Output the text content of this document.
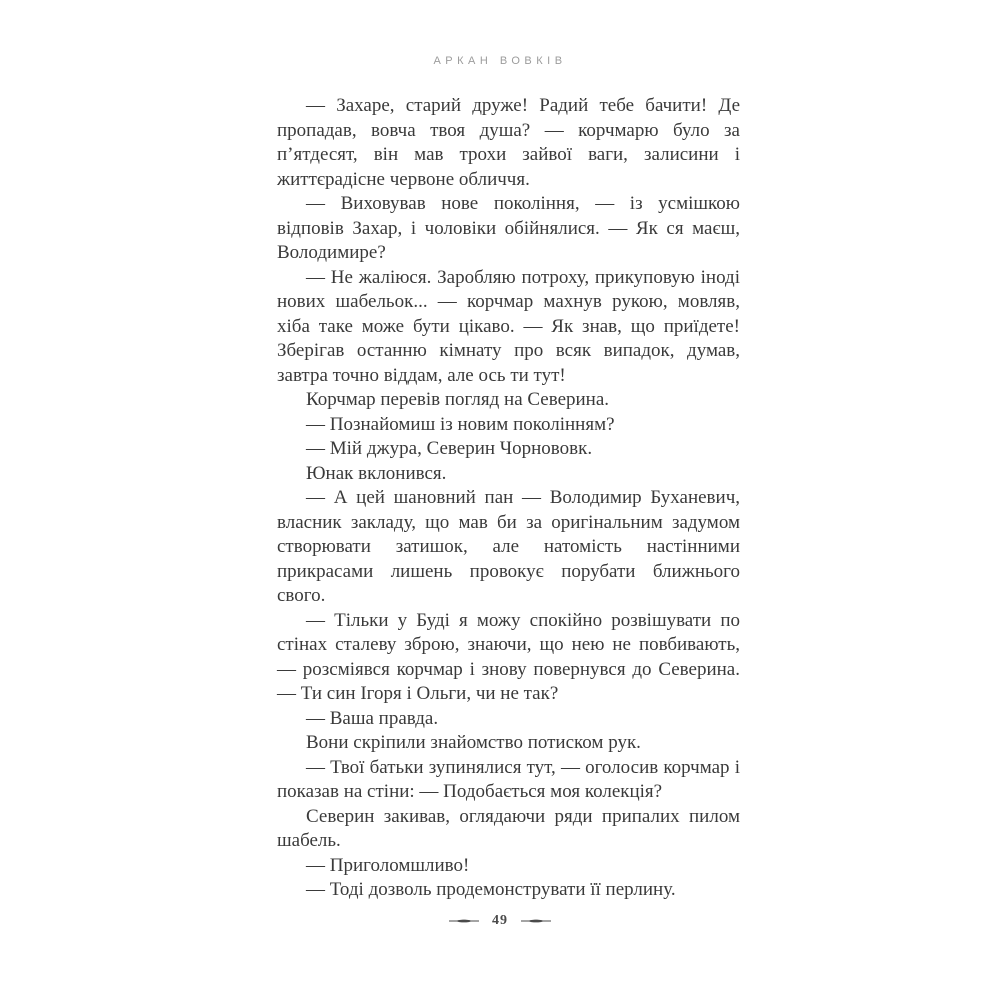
АРКАН ВОВКІВ

— Захаре, старий друже! Радий тебе бачити! Де пропадав, вовча твоя душа? — корчмарю було за п’ятдесят, він мав трохи зайвої ваги, залисини і життєрадісне червоне обличчя.

— Виховував нове покоління, — із усмішкою відповів Захар, і чоловіки обійнялися. — Як ся маєш, Володимире?

— Не жаліюся. Заробляю потроху, прикуповую іноді нових шабельок... — корчмар махнув рукою, мовляв, хіба таке може бути цікаво. — Як знав, що приїдете! Зберігав останню кімнату про всяк випадок, думав, завтра точно віддам, але ось ти тут!

Корчмар перевів погляд на Северина.

— Познайомиш із новим поколінням?

— Мій джура, Северин Чорнововк.

Юнак вклонився.

— А цей шановний пан — Володимир Буханевич, власник закладу, що мав би за оригінальним задумом створювати затишок, але натомість настінними прикрасами лишень провокує порубати ближнього свого.

— Тільки у Буді я можу спокійно розвішувати по стінах сталеву зброю, знаючи, що нею не повбивають, — розсміявся корчмар і знову повернувся до Северина. — Ти син Ігоря і Ольги, чи не так?

— Ваша правда.

Вони скріпили знайомство потиском рук.

— Твої батьки зупинялися тут, — оголосив корчмар і показав на стіни: — Подобається моя колекція?

Северин закивав, оглядаючи ряди припалих пилом шабель.

— Приголомшливо!

— Тоді дозволь продемонструвати її перлину.

49
